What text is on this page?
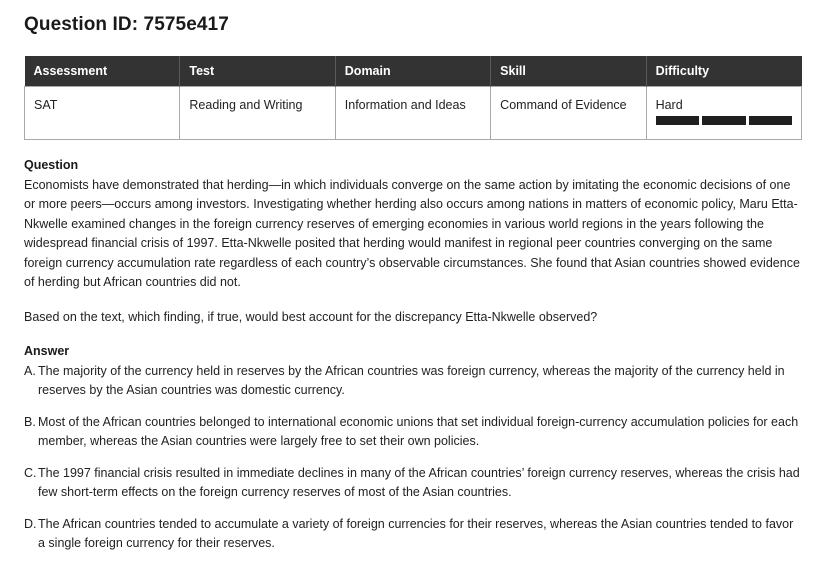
Question ID: 7575e417
Assessment	Test	Domain	Skill	Difficulty

SAT	Reading and Writing	Information and Ideas	Command of Evidence	Hard
Question

Economists have demonstrated that herding—in which individuals converge on the same action by imitating the economic decisions of one or more peers—occurs among investors. Investigating whether herding also occurs among nations in matters of economic policy, Maru Etta-Nkwelle examined changes in the foreign currency reserves of emerging economies in various world regions in the years following the widespread financial crisis of 1997. Etta-Nkwelle posited that herding would manifest in regional peer countries converging on the same foreign currency accumulation rate regardless of each country’s observable circumstances. She found that Asian countries showed evidence of herding but African countries did not.

Based on the text, which finding, if true, would best account for the discrepancy Etta-Nkwelle observed?

Answer
A. The majority of the currency held in reserves by the African countries was foreign currency, whereas the majority of the currency held in reserves by the Asian countries was domestic currency.
B. Most of the African countries belonged to international economic unions that set individual foreign-currency accumulation policies for each member, whereas the Asian countries were largely free to set their own policies.
C. The 1997 financial crisis resulted in immediate declines in many of the African countries’ foreign currency reserves, whereas the crisis had few short-term effects on the foreign currency reserves of most of the Asian countries.
D. The African countries tended to accumulate a variety of foreign currencies for their reserves, whereas the Asian countries tended to favor a single foreign currency for their reserves.
